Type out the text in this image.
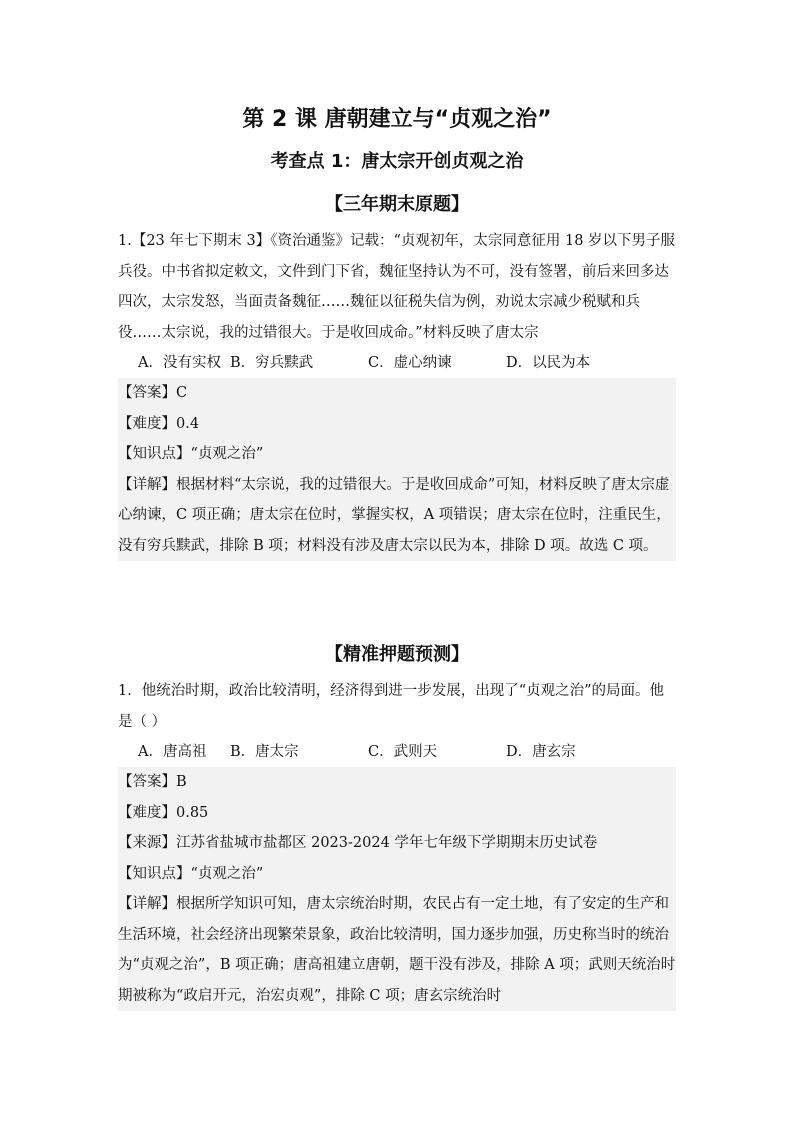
第 2 课 唐朝建立与“贞观之治”
考查点 1：唐太宗开创贞观之治
【三年期末原题】

1.【23 年七下期末 3】《资治通鉴》记载：“贞观初年，太宗同意征用 18 岁以下男子服兵役。中书省拟定敕文，文件到门下省，魏征坚持认为不可，没有签署，前后来回多达四次，太宗发怒，当面责备魏征……魏征以征税失信为例，劝说太宗减少税赋和兵役……太宗说，我的过错很大。于是收回成命。”材料反映了唐太宗

A．没有实权 B．穷兵黩武	C．虚心纳谏	D．以民为本
【答案】C
【难度】0.4
【知识点】“贞观之治”
【详解】根据材料“太宗说，我的过错很大。于是收回成命”可知，材料反映了唐太宗虚心纳谏，C 项正确；唐太宗在位时，掌握实权，A 项错误；唐太宗在位时，注重民生，没有穷兵黩武，排除 B 项；材料没有涉及唐太宗以民为本，排除 D 项。故选 C 项。
【精准押题预测】

1．他统治时期，政治比较清明，经济得到进一步发展，出现了“贞观之治”的局面。他是（ ）

A．唐高祖	B．唐太宗	C．武则天	D．唐玄宗
【答案】B
【难度】0.85
【来源】江苏省盐城市盐都区 2023-2024 学年七年级下学期期末历史试卷
【知识点】“贞观之治”
【详解】根据所学知识可知，唐太宗统治时期，农民占有一定土地，有了安定的生产和生活环境，社会经济出现繁荣景象，政治比较清明，国力逐步加强，历史称当时的统治为“贞观之治”，B 项正确；唐高祖建立唐朝，题干没有涉及，排除 A 项；武则天统治时期被称为“政启开元，治宏贞观”，排除 C 项；唐玄宗统治时
